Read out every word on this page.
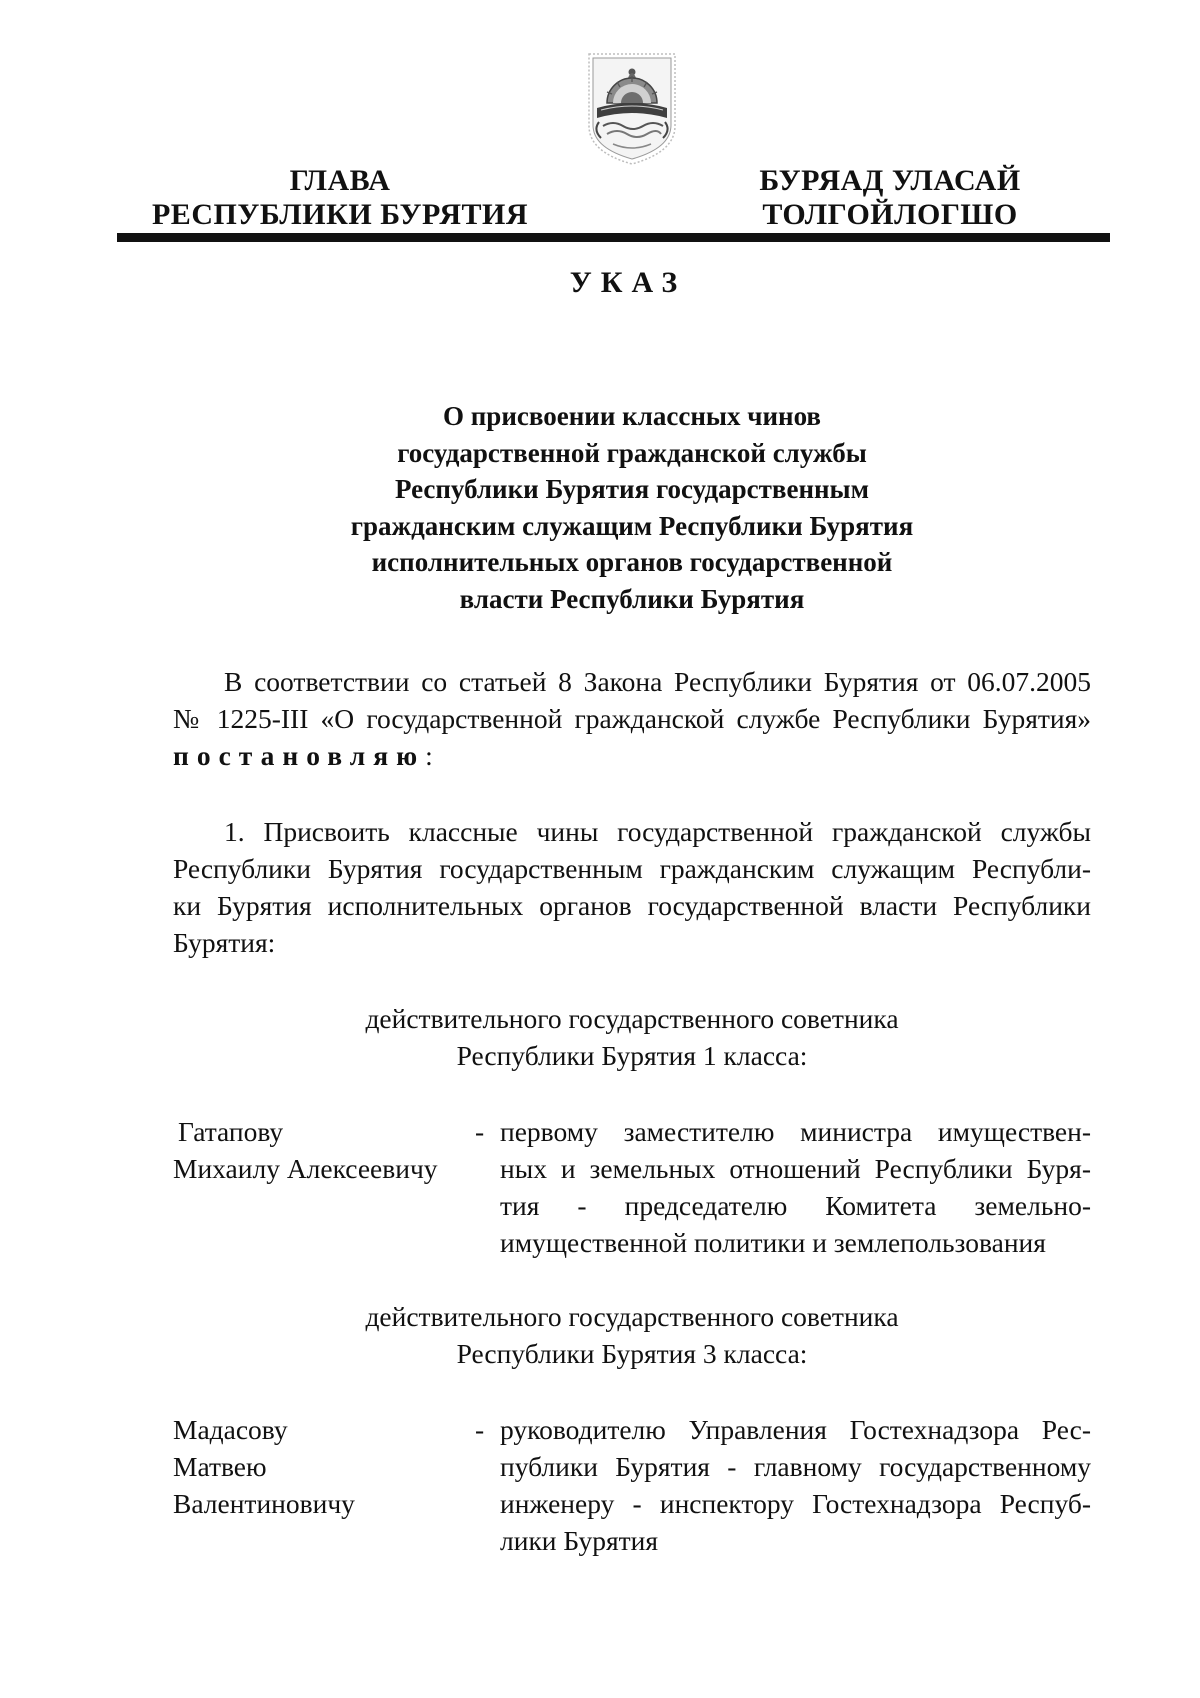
ГЛАВА
РЕСПУБЛИКИ БУРЯТИЯ
БУРЯАД УЛАСАЙ
ТОЛГОЙЛОГШО
УКАЗ
О присвоении классных чинов
государственной гражданской службы
Республики Бурятия государственным
гражданским служащим Республики Бурятия
исполнительных органов государственной
власти Республики Бурятия
В соответствии со статьей 8 Закона Республики Бурятия от 06.07.2005
№ 1225-III «О государственной гражданской службе Республики Бурятия»
постановляю:
1. Присвоить классные чины государственной гражданской службы
Республики Бурятия государственным гражданским служащим Республи-
ки Бурятия исполнительных органов государственной власти Республики
Бурятия:
действительного государственного советника
Республики Бурятия 1 класса:
Гатапову
Михаилу Алексеевичу
- первому заместителю министра имуществен-
ных и земельных отношений Республики Буря-
тия - председателю Комитета земельно-
имущественной политики и землепользования
действительного государственного советника
Республики Бурятия 3 класса:
Мадасову
Матвею
Валентиновичу
- руководителю Управления Гостехнадзора Рес-
публики Бурятия - главному государственному
инженеру - инспектору Гостехнадзора Респуб-
лики Бурятия
